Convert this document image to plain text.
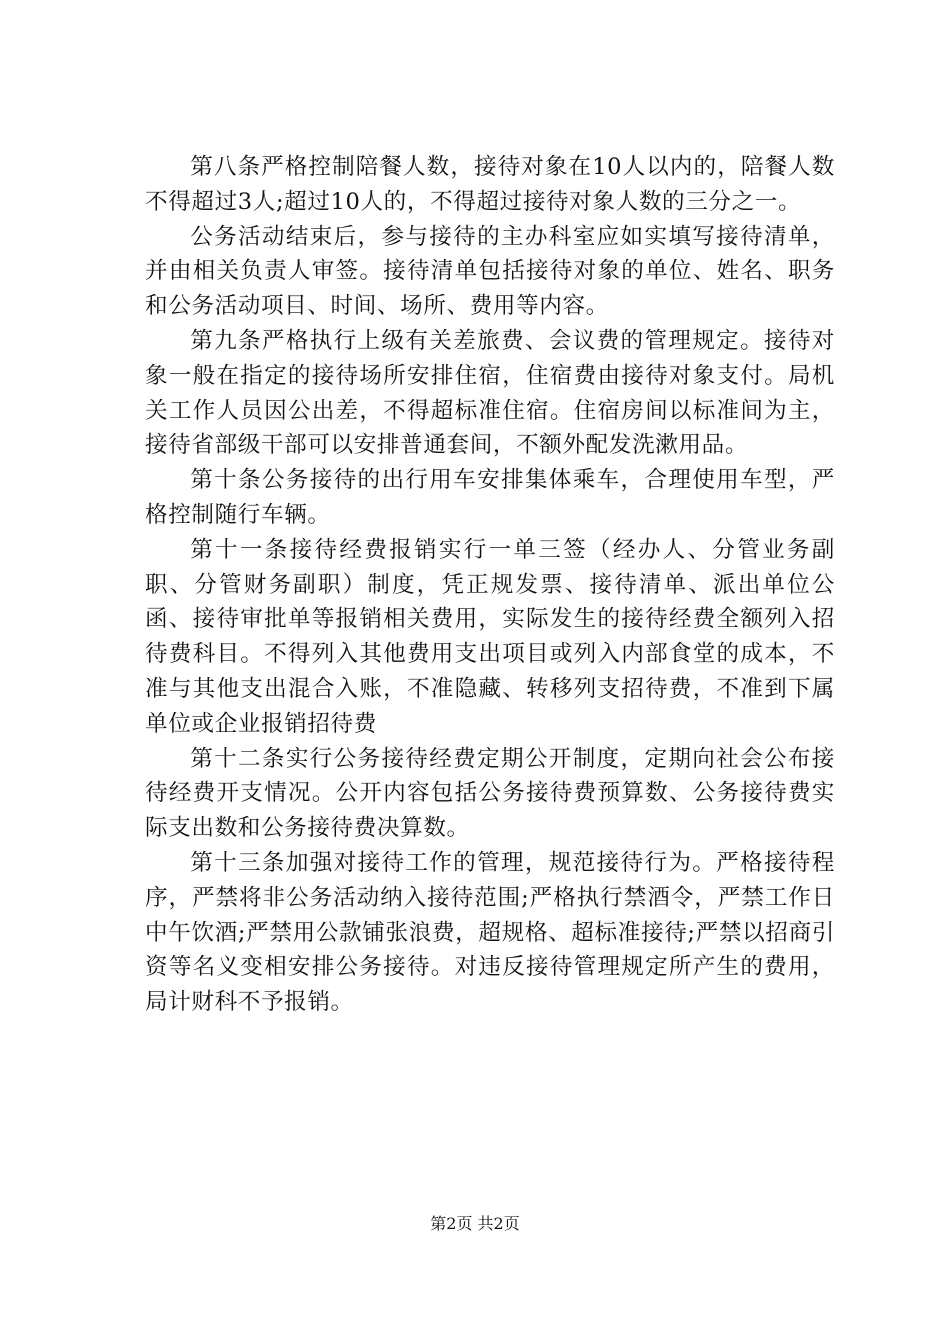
第八条严格控制陪餐人数，接待对象在10人以内的，陪餐人数不得超过3人;超过10人的，不得超过接待对象人数的三分之一。

公务活动结束后，参与接待的主办科室应如实填写接待清单，并由相关负责人审签。接待清单包括接待对象的单位、姓名、职务和公务活动项目、时间、场所、费用等内容。

第九条严格执行上级有关差旅费、会议费的管理规定。接待对象一般在指定的接待场所安排住宿，住宿费由接待对象支付。局机关工作人员因公出差，不得超标准住宿。住宿房间以标准间为主，接待省部级干部可以安排普通套间，不额外配发洗漱用品。

第十条公务接待的出行用车安排集体乘车，合理使用车型，严格控制随行车辆。

第十一条接待经费报销实行一单三签（经办人、分管业务副职、分管财务副职）制度，凭正规发票、接待清单、派出单位公函、接待审批单等报销相关费用，实际发生的接待经费全额列入招待费科目。不得列入其他费用支出项目或列入内部食堂的成本，不准与其他支出混合入账，不准隐藏、转移列支招待费，不准到下属单位或企业报销招待费

第十二条实行公务接待经费定期公开制度，定期向社会公布接待经费开支情况。公开内容包括公务接待费预算数、公务接待费实际支出数和公务接待费决算数。

第十三条加强对接待工作的管理，规范接待行为。严格接待程序，严禁将非公务活动纳入接待范围;严格执行禁酒令，严禁工作日中午饮酒;严禁用公款铺张浪费，超规格、超标准接待;严禁以招商引资等名义变相安排公务接待。对违反接待管理规定所产生的费用，局计财科不予报销。

第2页 共2页
